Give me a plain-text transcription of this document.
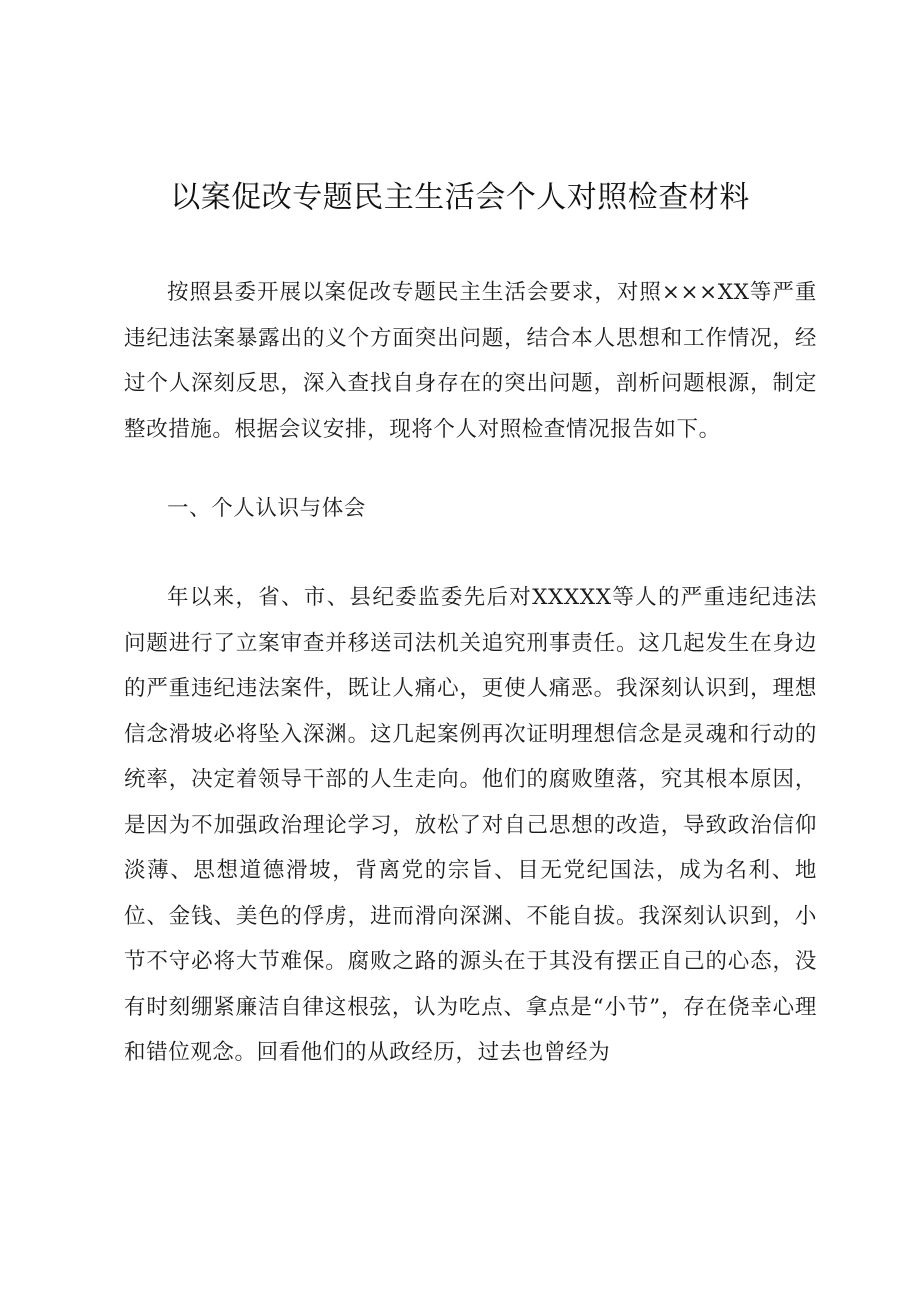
以案促改专题民主生活会个人对照检查材料

按照县委开展以案促改专题民主生活会要求，对照×××XX等严重违纪违法案暴露出的义个方面突出问题，结合本人思想和工作情况，经过个人深刻反思，深入查找自身存在的突出问题，剖析问题根源，制定整改措施。根据会议安排，现将个人对照检查情况报告如下。

一、个人认识与体会

年以来，省、市、县纪委监委先后对XXXXX等人的严重违纪违法问题进行了立案审查并移送司法机关追究刑事责任。这几起发生在身边的严重违纪违法案件，既让人痛心，更使人痛恶。我深刻认识到，理想信念滑坡必将坠入深渊。这几起案例再次证明理想信念是灵魂和行动的统率，决定着领导干部的人生走向。他们的腐败堕落，究其根本原因，是因为不加强政治理论学习，放松了对自己思想的改造，导致政治信仰淡薄、思想道德滑坡，背离党的宗旨、目无党纪国法，成为名利、地位、金钱、美色的俘虏，进而滑向深渊、不能自拔。我深刻认识到，小节不守必将大节难保。腐败之路的源头在于其没有摆正自己的心态，没有时刻绷紧廉洁自律这根弦，认为吃点、拿点是“小节”，存在侥幸心理和错位观念。回看他们的从政经历，过去也曾经为
